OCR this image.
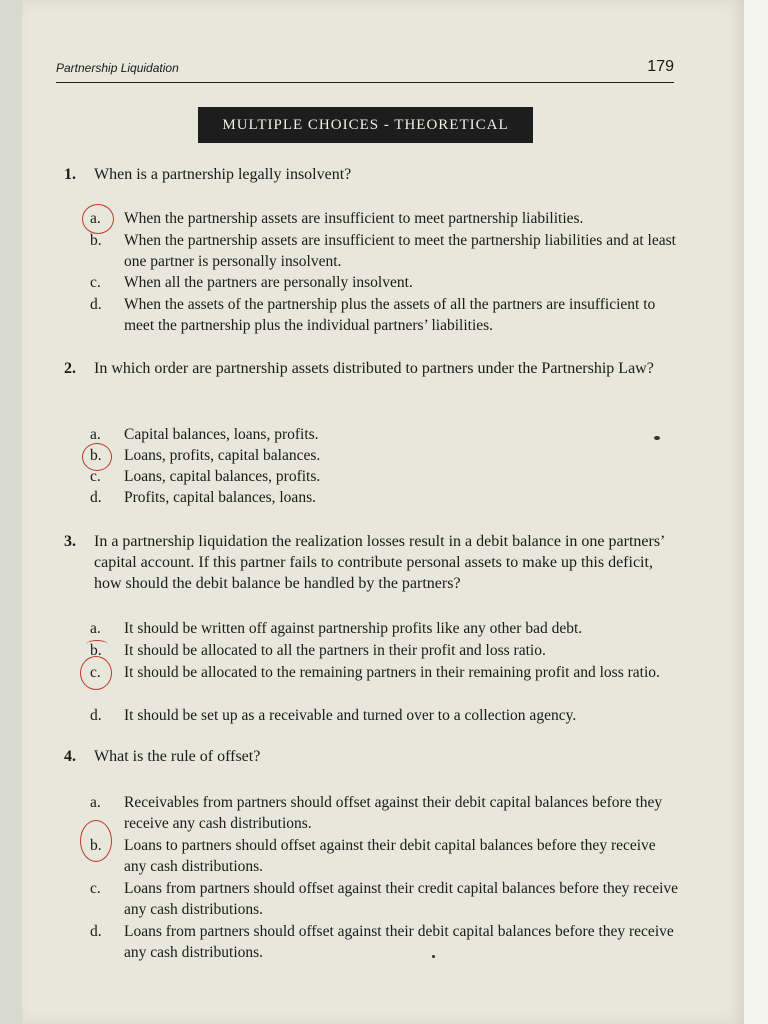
Partnership Liquidation	179
MULTIPLE CHOICES - THEORETICAL
1. When is a partnership legally insolvent?
a. When the partnership assets are insufficient to meet partnership liabilities.
b. When the partnership assets are insufficient to meet the partnership liabilities and at least one partner is personally insolvent.
c. When all the partners are personally insolvent.
d. When the assets of the partnership plus the assets of all the partners are insufficient to meet the partnership plus the individual partners’ liabilities.
2. In which order are partnership assets distributed to partners under the Partnership Law?
a. Capital balances, loans, profits.
b. Loans, profits, capital balances.
c. Loans, capital balances, profits.
d. Profits, capital balances, loans.
3. In a partnership liquidation the realization losses result in a debit balance in one partners’ capital account. If this partner fails to contribute personal assets to make up this deficit, how should the debit balance be handled by the partners?
a. It should be written off against partnership profits like any other bad debt.
b. It should be allocated to all the partners in their profit and loss ratio.
c. It should be allocated to the remaining partners in their remaining profit and loss ratio.
d. It should be set up as a receivable and turned over to a collection agency.
4. What is the rule of offset?
a. Receivables from partners should offset against their debit capital balances before they receive any cash distributions.
b. Loans to partners should offset against their debit capital balances before they receive any cash distributions.
c. Loans from partners should offset against their credit capital balances before they receive any cash distributions.
d. Loans from partners should offset against their debit capital balances before they receive any cash distributions.
